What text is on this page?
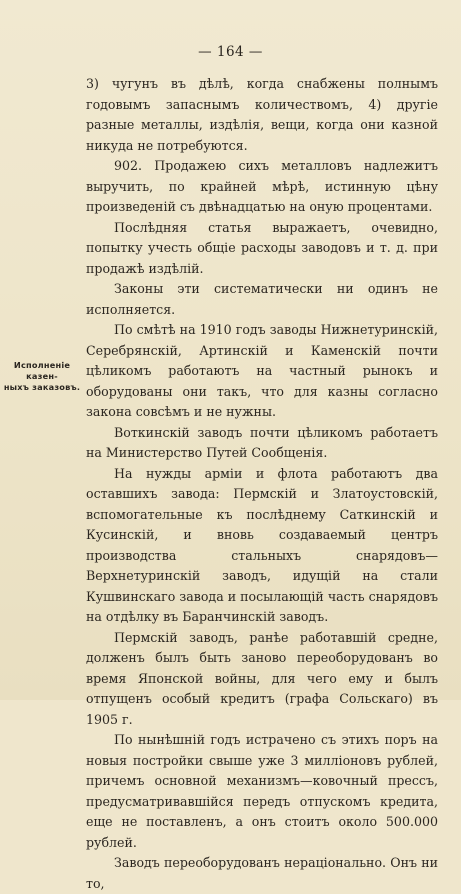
— 164 —
Исполненіе казен-
ныхъ заказовъ.

3) чугунъ въ дѣлѣ, когда снабжены полнымъ годовымъ запаснымъ количествомъ, 4) другіе разные металлы, издѣлія, вещи, когда они казной никуда не потребуются.

902. Продажею сихъ металловъ надлежитъ выручить, по крайней мѣрѣ, истинную цѣну произведеній съ двѣнадцатью на оную процентами.

Послѣдняя статья выражаетъ, очевидно, попытку учесть общіе расходы заводовъ и т. д. при продажѣ издѣлій.

Законы эти систематически ни одинъ не исполняется.

По смѣтѣ на 1910 годъ заводы Нижнетуринскій, Серебрянскій, Артинскій и Каменскій почти цѣликомъ работаютъ на частный рынокъ и оборудованы они такъ, что для казны согласно закона совсѣмъ и не нужны.

Воткинскій заводъ почти цѣликомъ работаетъ на Министерство Путей Сообщенія.

На нужды арміи и флота работаютъ два оставшихъ завода: Пермскій и Златоустовскій, вспомогательные къ послѣднему Саткинскій и Кусинскій, и вновь создаваемый центръ производства стальныхъ снарядовъ—Верхнетуринскій заводъ, идущій на стали Кушвинскаго завода и посылающій часть снарядовъ на отдѣлку въ Баранчинскій заводъ.

Пермскій заводъ, ранѣе работавшій средне, долженъ былъ быть заново переоборудованъ во время Японской войны, для чего ему и былъ отпущенъ особый кредитъ (графа Сольскаго) въ 1905 г.

По нынѣшній годъ истрачено съ этихъ поръ на новыя постройки свыше уже 3 милліоновъ рублей, причемъ основной механизмъ—ковочный прессъ, предусматривавшійся передъ отпускомъ кредита, еще не поставленъ, а онъ стоитъ около 500.000 рублей.

Заводъ переоборудованъ нераціонально. Онъ ни то,
